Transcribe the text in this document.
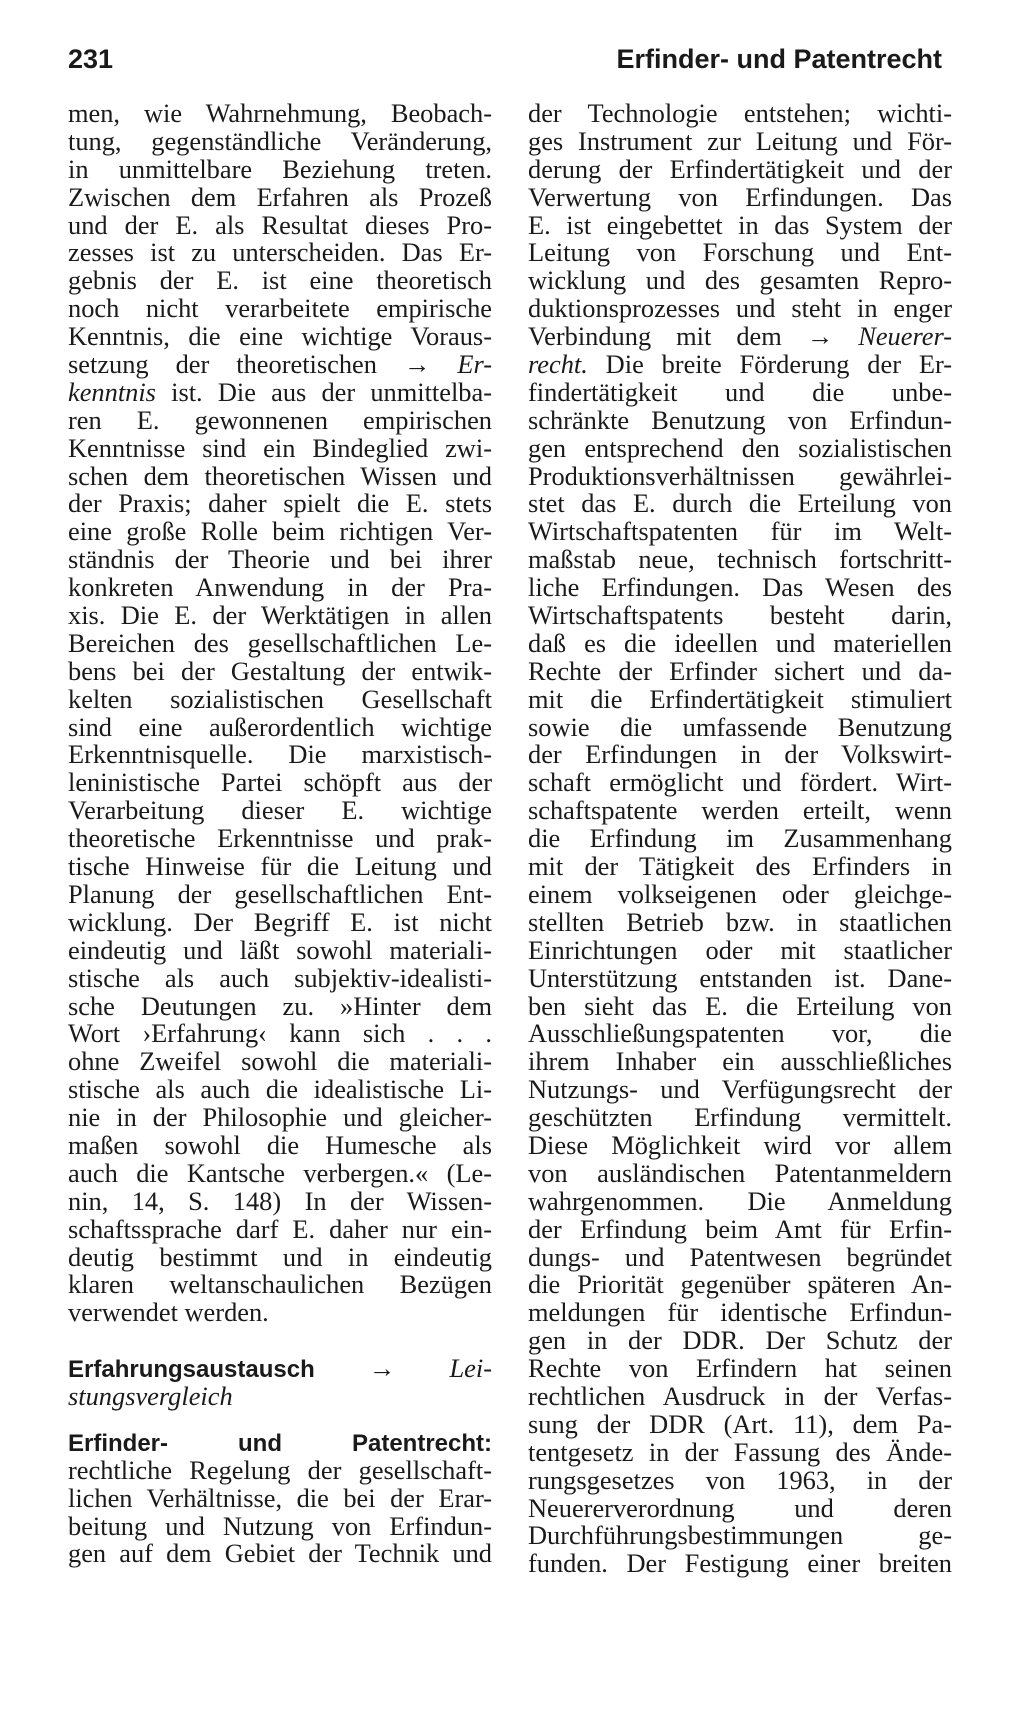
231	Erfinder- und Patentrecht
men, wie Wahrnehmung, Beobach-
tung, gegenständliche Veränderung,
in unmittelbare Beziehung treten.
Zwischen dem Erfahren als Prozeß
und der E. als Resultat dieses Pro-
zesses ist zu unterscheiden. Das Er-
gebnis der E. ist eine theoretisch
noch nicht verarbeitete empirische
Kenntnis, die eine wichtige Voraus-
setzung der theoretischen → Er-
kenntnis ist. Die aus der unmittelba-
ren E. gewonnenen empirischen
Kenntnisse sind ein Bindeglied zwi-
schen dem theoretischen Wissen und
der Praxis; daher spielt die E. stets
eine große Rolle beim richtigen Ver-
ständnis der Theorie und bei ihrer
konkreten Anwendung in der Pra-
xis. Die E. der Werktätigen in allen
Bereichen des gesellschaftlichen Le-
bens bei der Gestaltung der entwik-
kelten sozialistischen Gesellschaft
sind eine außerordentlich wichtige
Erkenntnisquelle. Die marxistisch-
leninistische Partei schöpft aus der
Verarbeitung dieser E. wichtige
theoretische Erkenntnisse und prak-
tische Hinweise für die Leitung und
Planung der gesellschaftlichen Ent-
wicklung. Der Begriff E. ist nicht
eindeutig und läßt sowohl materiali-
stische als auch subjektiv-idealisti-
sche Deutungen zu. »Hinter dem
Wort ›Erfahrung‹ kann sich . . .
ohne Zweifel sowohl die materiali-
stische als auch die idealistische Li-
nie in der Philosophie und gleicher-
maßen sowohl die Humesche als
auch die Kantsche verbergen.« (Le-
nin, 14, S. 148) In der Wissen-
schaftssprache darf E. daher nur ein-
deutig bestimmt und in eindeutig
klaren weltanschaulichen Bezügen
verwendet werden.
Erfahrungsaustausch → Lei-
stungsvergleich
Erfinder- und Patentrecht:
rechtliche Regelung der gesellschaft-
lichen Verhältnisse, die bei der Erar-
beitung und Nutzung von Erfindun-
gen auf dem Gebiet der Technik und
der Technologie entstehen; wichti-
ges Instrument zur Leitung und För-
derung der Erfindertätigkeit und der
Verwertung von Erfindungen. Das
E. ist eingebettet in das System der
Leitung von Forschung und Ent-
wicklung und des gesamten Repro-
duktionsprozesses und steht in enger
Verbindung mit dem → Neuerer-
recht. Die breite Förderung der Er-
findertätigkeit und die unbe-
schränkte Benutzung von Erfindun-
gen entsprechend den sozialistischen
Produktionsverhältnissen gewährlei-
stet das E. durch die Erteilung von
Wirtschaftspatenten für im Welt-
maßstab neue, technisch fortschritt-
liche Erfindungen. Das Wesen des
Wirtschaftspatents besteht darin,
daß es die ideellen und materiellen
Rechte der Erfinder sichert und da-
mit die Erfindertätigkeit stimuliert
sowie die umfassende Benutzung
der Erfindungen in der Volkswirt-
schaft ermöglicht und fördert. Wirt-
schaftspatente werden erteilt, wenn
die Erfindung im Zusammenhang
mit der Tätigkeit des Erfinders in
einem volkseigenen oder gleichge-
stellten Betrieb bzw. in staatlichen
Einrichtungen oder mit staatlicher
Unterstützung entstanden ist. Dane-
ben sieht das E. die Erteilung von
Ausschließungspatenten vor, die
ihrem Inhaber ein ausschließliches
Nutzungs- und Verfügungsrecht der
geschützten Erfindung vermittelt.
Diese Möglichkeit wird vor allem
von ausländischen Patentanmeldern
wahrgenommen. Die Anmeldung
der Erfindung beim Amt für Erfin-
dungs- und Patentwesen begründet
die Priorität gegenüber späteren An-
meldungen für identische Erfindun-
gen in der DDR. Der Schutz der
Rechte von Erfindern hat seinen
rechtlichen Ausdruck in der Verfas-
sung der DDR (Art. 11), dem Pa-
tentgesetz in der Fassung des Ände-
rungsgesetzes von 1963, in der
Neuererverordnung und deren
Durchführungsbestimmungen ge-
funden. Der Festigung einer breiten
